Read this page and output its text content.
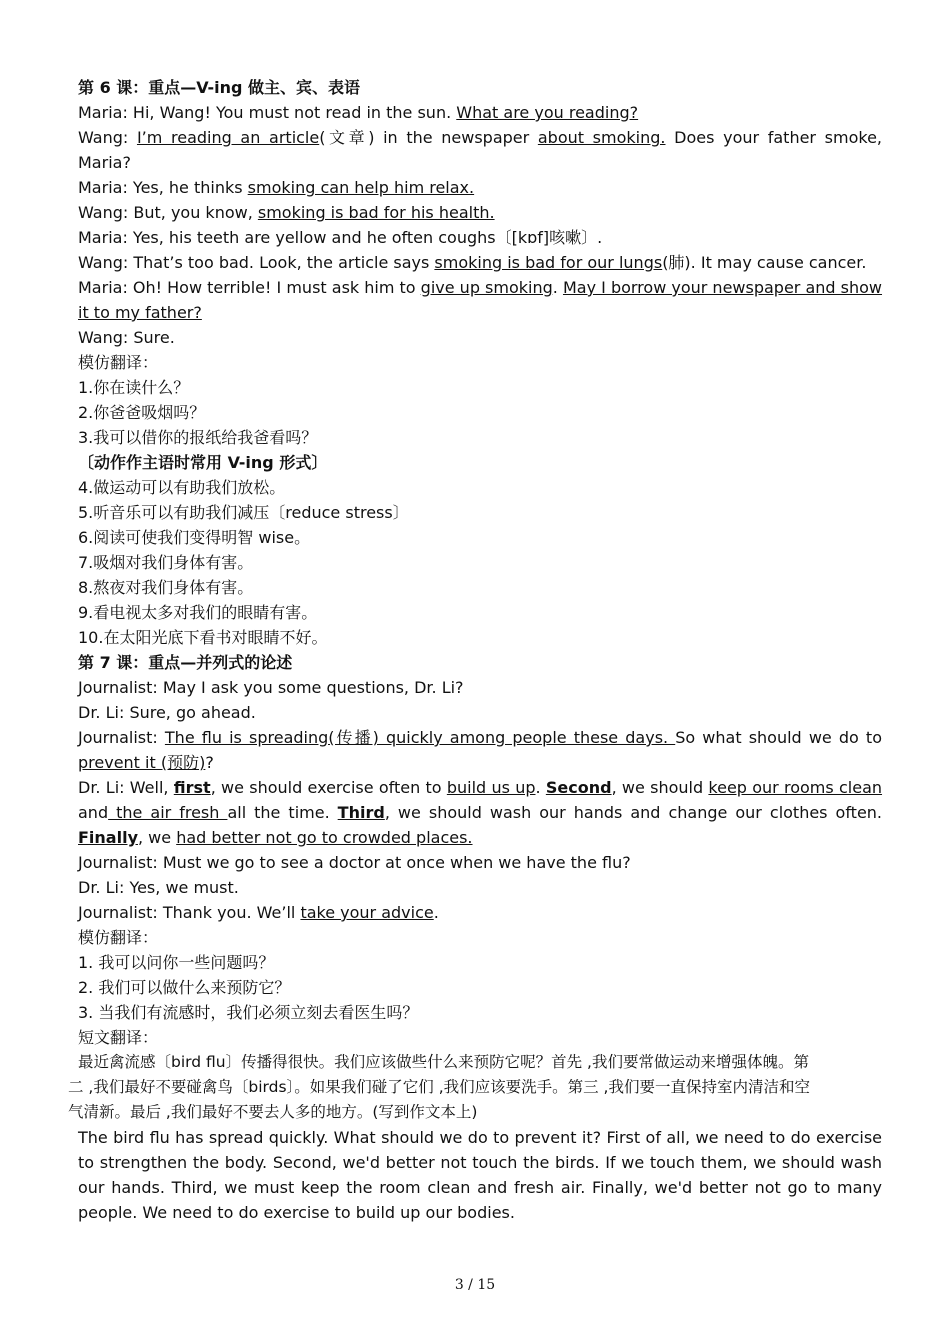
第 6 课：重点—V-ing 做主、宾、表语
Maria: Hi, Wang! You must not read in the sun. What are you reading?
Wang: I’m reading an article(文章) in the newspaper about smoking. Does your father smoke, Maria?
Maria: Yes, he thinks smoking can help him relax.
Wang: But, you know, smoking is bad for his health.
Maria: Yes, his teeth are yellow and he often coughs〔[kɒf]咳嗽〕.
Wang: That’s too bad. Look, the article says smoking is bad for our lungs(肺). It may cause cancer.
Maria: Oh! How terrible! I must ask him to give up smoking. May I borrow your newspaper and show it to my father?
Wang: Sure.
模仿翻译：
1.你在读什么？
2.你爸爸吸烟吗？
3.我可以借你的报纸给我爸看吗？
〔动作作主语时常用 V-ing 形式〕
4.做运动可以有助我们放松。
5.听音乐可以有助我们减压〔reduce stress〕
6.阅读可使我们变得明智 wise。
7.吸烟对我们身体有害。
8.熬夜对我们身体有害。
9.看电视太多对我们的眼睛有害。
10.在太阳光底下看书对眼睛不好。
第 7 课：重点—并列式的论述
Journalist: May I ask you some questions, Dr. Li?
Dr. Li: Sure, go ahead.
Journalist: The flu is spreading(传播) quickly among people these days. So what should we do to prevent it (预防)?
Dr. Li: Well, first, we should exercise often to build us up. Second, we should keep our rooms clean and the air fresh all the time. Third, we should wash our hands and change our clothes often. Finally, we had better not go to crowded places.
Journalist: Must we go to see a doctor at once when we have the flu?
Dr. Li: Yes, we must.
Journalist: Thank you. We’ll take your advice.
模仿翻译：
1. 我可以问你一些问题吗？
2. 我们可以做什么来预防它？
3. 当我们有流感时，我们必须立刻去看医生吗？
短文翻译：
最近禽流感〔bird flu〕传播得很快。我们应该做些什么来预防它呢？首先 ,我们要常做运动来增强体魄。第
二 ,我们最好不要碰禽鸟〔birds〕。如果我们碰了它们 ,我们应该要洗手。第三 ,我们要一直保持室内清洁和空
气清新。最后 ,我们最好不要去人多的地方。(写到作文本上)
The bird flu has spread quickly. What should we do to prevent it? First of all, we need to do exercise to strengthen the body. Second, we'd better not touch the birds. If we touch them, we should wash our hands. Third, we must keep the room clean and fresh air. Finally, we'd better not go to many people. We need to do exercise to build up our bodies.
3 / 15
